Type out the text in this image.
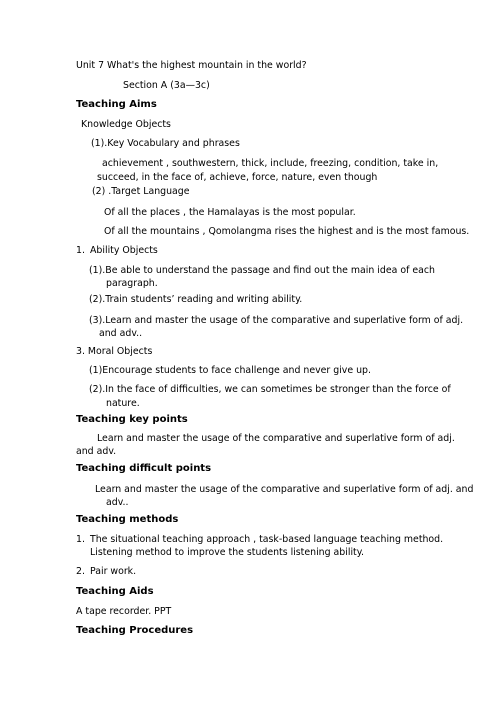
Unit 7 What's the highest mountain in the world?
Section A (3a—3c)
Teaching Aims
Knowledge Objects
(1).Key Vocabulary and phrases
achievement , southwestern, thick, include, freezing, condition, take in,
succeed, in the face of, achieve, force, nature, even though
(2) .Target Language
Of all the places , the Hamalayas is the most popular.
Of all the mountains , Qomolangma rises the highest and is the most famous.
1. Ability Objects
(1).Be able to understand the passage and find out the main idea of each
paragraph.
(2).Train students’ reading and writing ability.
(3).Learn and master the usage of the comparative and superlative form of adj.
and adv..
3. Moral Objects
(1)Encourage students to face challenge and never give up.
(2).In the face of difficulties, we can sometimes be stronger than the force of
nature.
Teaching key points
Learn and master the usage of the comparative and superlative form of adj.
and adv.
Teaching difficult points
Learn and master the usage of the comparative and superlative form of adj. and
adv..
Teaching methods
1. The situational teaching approach , task-based language teaching method.
Listening method to improve the students listening ability.
2. Pair work.
Teaching Aids
A tape recorder. PPT
Teaching Procedures
